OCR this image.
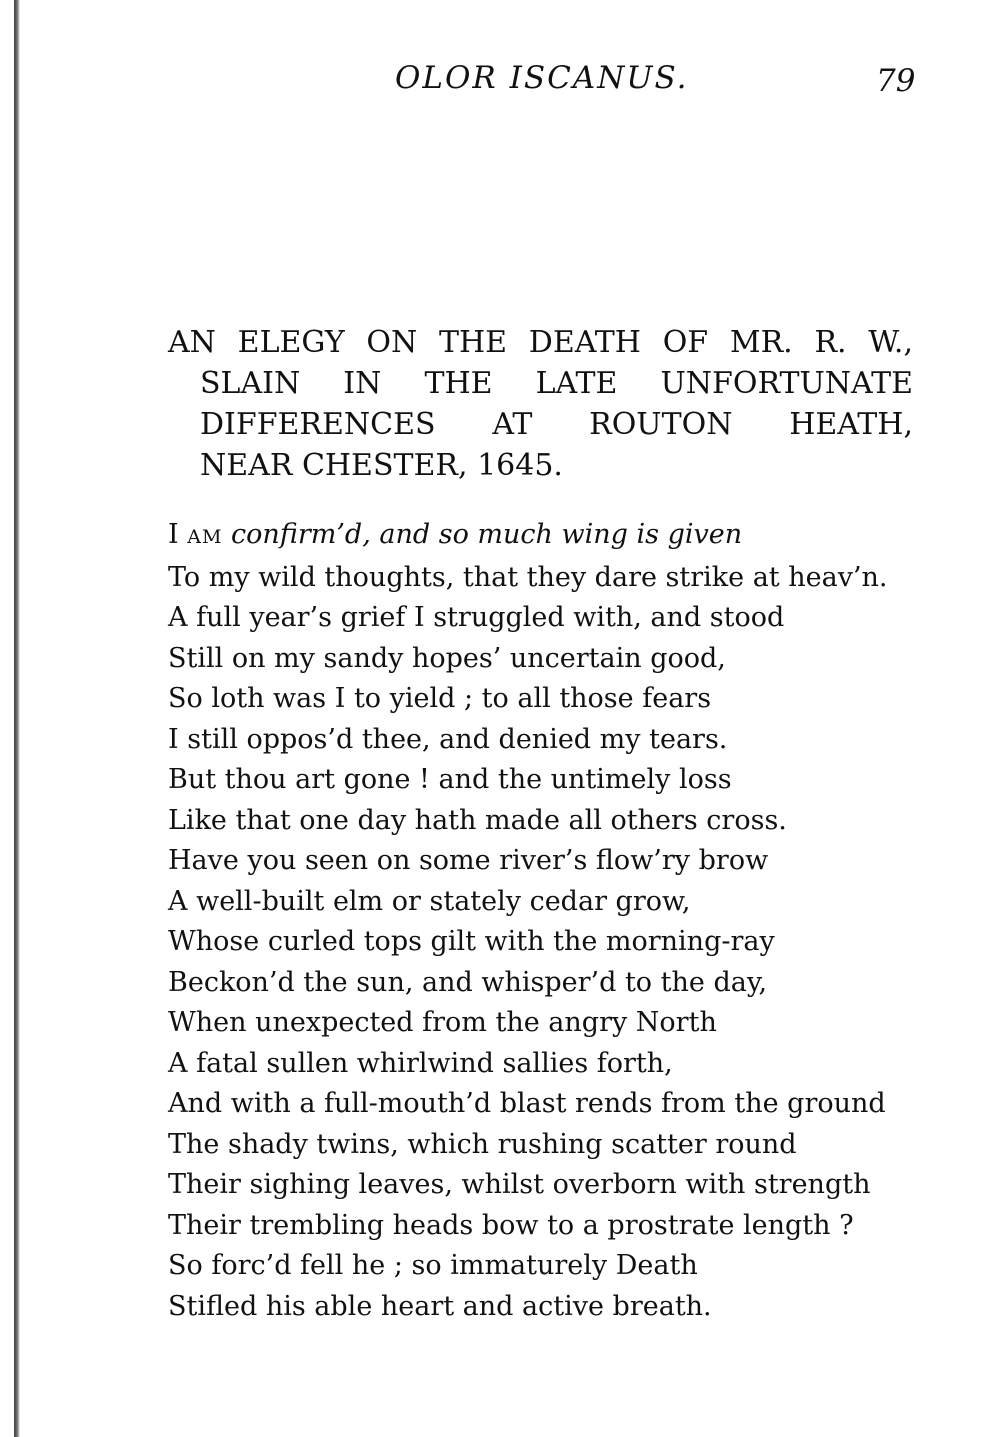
OLOR ISCANUS.	79
AN ELEGY ON THE DEATH OF MR. R. W.,
SLAIN IN THE LATE UNFORTUNATE
DIFFERENCES AT ROUTON HEATH,
NEAR CHESTER, 1645.
I AM confirm’d, and so much wing is given
To my wild thoughts, that they dare strike at heav’n.
A full year’s grief I struggled with, and stood
Still on my sandy hopes’ uncertain good,
So loth was I to yield ; to all those fears
I still oppos’d thee, and denied my tears.
But thou art gone ! and the untimely loss
Like that one day hath made all others cross.
Have you seen on some river’s flow’ry brow
A well-built elm or stately cedar grow,
Whose curled tops gilt with the morning-ray
Beckon’d the sun, and whisper’d to the day,
When unexpected from the angry North
A fatal sullen whirlwind sallies forth,
And with a full-mouth’d blast rends from the ground
The shady twins, which rushing scatter round
Their sighing leaves, whilst overborn with strength
Their trembling heads bow to a prostrate length ?
So forc’d fell he ; so immaturely Death
Stifled his able heart and active breath.
